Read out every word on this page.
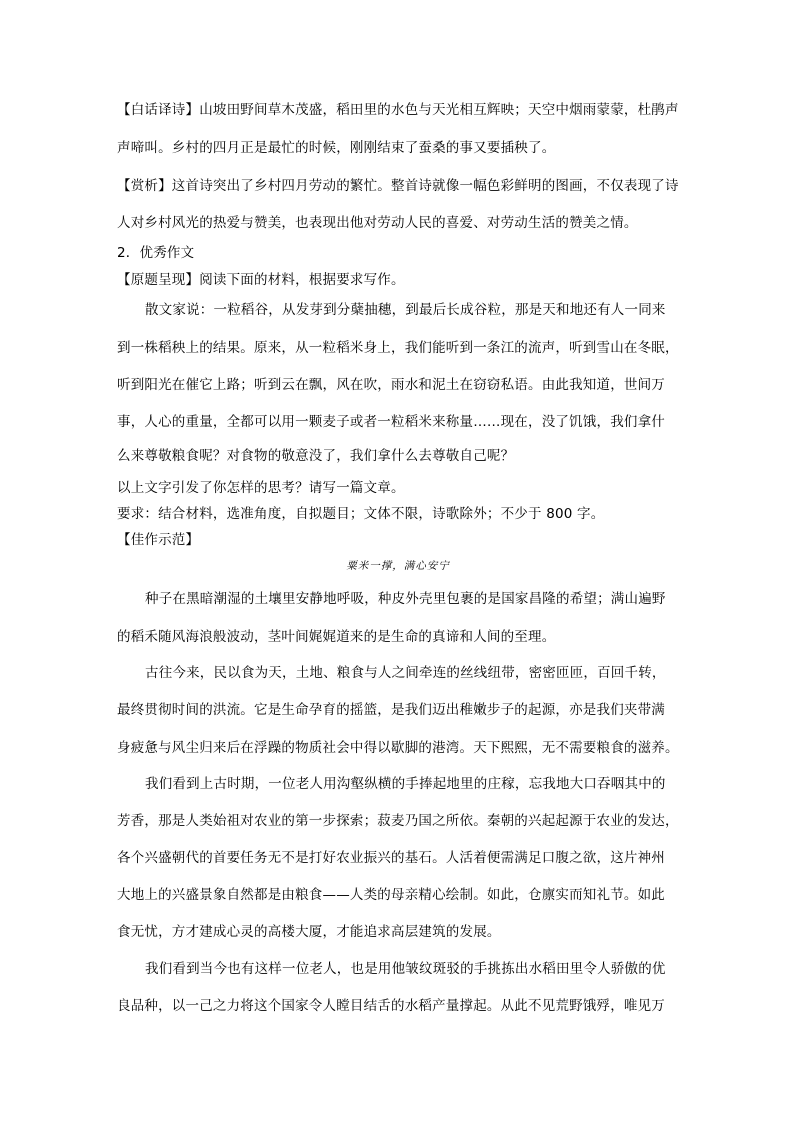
【白话译诗】山坡田野间草木茂盛，稻田里的水色与天光相互辉映；天空中烟雨蒙蒙，杜鹃声
声啼叫。乡村的四月正是最忙的时候，刚刚结束了蚕桑的事又要插秧了。
【赏析】这首诗突出了乡村四月劳动的繁忙。整首诗就像一幅色彩鲜明的图画，不仅表现了诗
人对乡村风光的热爱与赞美，也表现出他对劳动人民的喜爱、对劳动生活的赞美之情。
2．优秀作文
【原题呈现】阅读下面的材料，根据要求写作。
散文家说：一粒稻谷，从发芽到分蘖抽穗，到最后长成谷粒，那是天和地还有人一同来
到一株稻秧上的结果。原来，从一粒稻米身上，我们能听到一条江的流声，听到雪山在冬眠，
听到阳光在催它上路；听到云在飘，风在吹，雨水和泥土在窃窃私语。由此我知道，世间万
事，人心的重量，全都可以用一颗麦子或者一粒稻米来称量……现在，没了饥饿，我们拿什
么来尊敬粮食呢？对食物的敬意没了，我们拿什么去尊敬自己呢？
以上文字引发了你怎样的思考？请写一篇文章。
要求：结合材料，选准角度，自拟题目；文体不限，诗歌除外；不少于 800 字。
【佳作示范】
粟米一撑，满心安宁
种子在黑暗潮湿的土壤里安静地呼吸，种皮外壳里包裹的是国家昌隆的希望；满山遍野
的稻禾随风海浪般波动，茎叶间娓娓道来的是生命的真谛和人间的至理。
古往今来，民以食为天，土地、粮食与人之间牵连的丝线纽带，密密匝匝，百回千转，
最终贯彻时间的洪流。它是生命孕育的摇篮，是我们迈出稚嫩步子的起源，亦是我们夹带满
身疲惫与风尘归来后在浮躁的物质社会中得以歇脚的港湾。天下熙熙，无不需要粮食的滋养。
我们看到上古时期，一位老人用沟壑纵横的手捧起地里的庄稼，忘我地大口吞咽其中的
芳香，那是人类始祖对农业的第一步探索；菽麦乃国之所依。秦朝的兴起起源于农业的发达，
各个兴盛朝代的首要任务无不是打好农业振兴的基石。人活着便需满足口腹之欲，这片神州
大地上的兴盛景象自然都是由粮食——人类的母亲精心绘制。如此，仓廪实而知礼节。如此
食无忧，方才建成心灵的高楼大厦，才能追求高层建筑的发展。
我们看到当今也有这样一位老人，也是用他皱纹斑驳的手挑拣出水稻田里令人骄傲的优
良品种，以一己之力将这个国家令人瞠目结舌的水稻产量撑起。从此不见荒野饿殍，唯见万
